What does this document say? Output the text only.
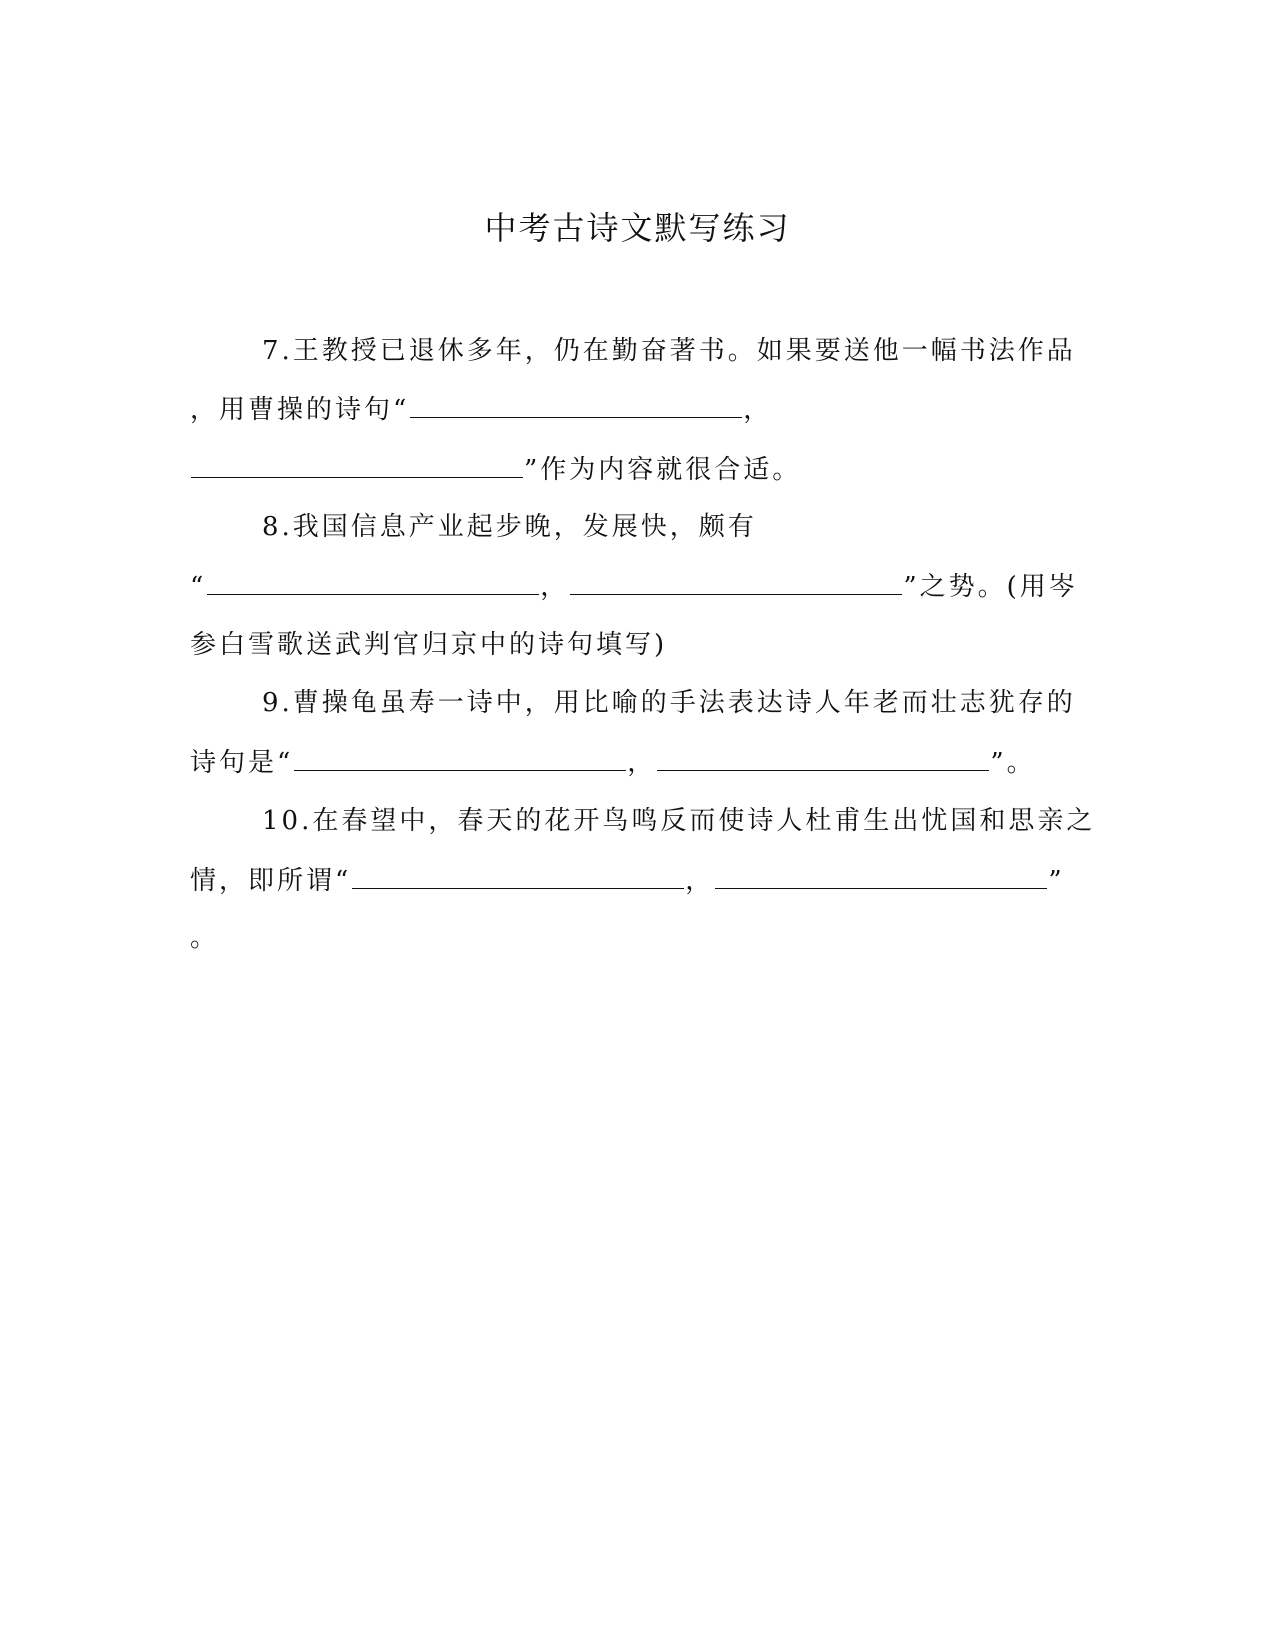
中考古诗文默写练习
7.王教授已退休多年，仍在勤奋著书。如果要送他一幅书法作品
，用曹操的诗句“	，
”作为内容就很合适。
8.我国信息产业起步晚，发展快，颇有
“	，	”之势。(用岑
参白雪歌送武判官归京中的诗句填写)
9.曹操龟虽寿一诗中，用比喻的手法表达诗人年老而壮志犹存的
诗句是“	，	”。
10.在春望中，春天的花开鸟鸣反而使诗人杜甫生出忧国和思亲之
情，即所谓“	，	”
。
